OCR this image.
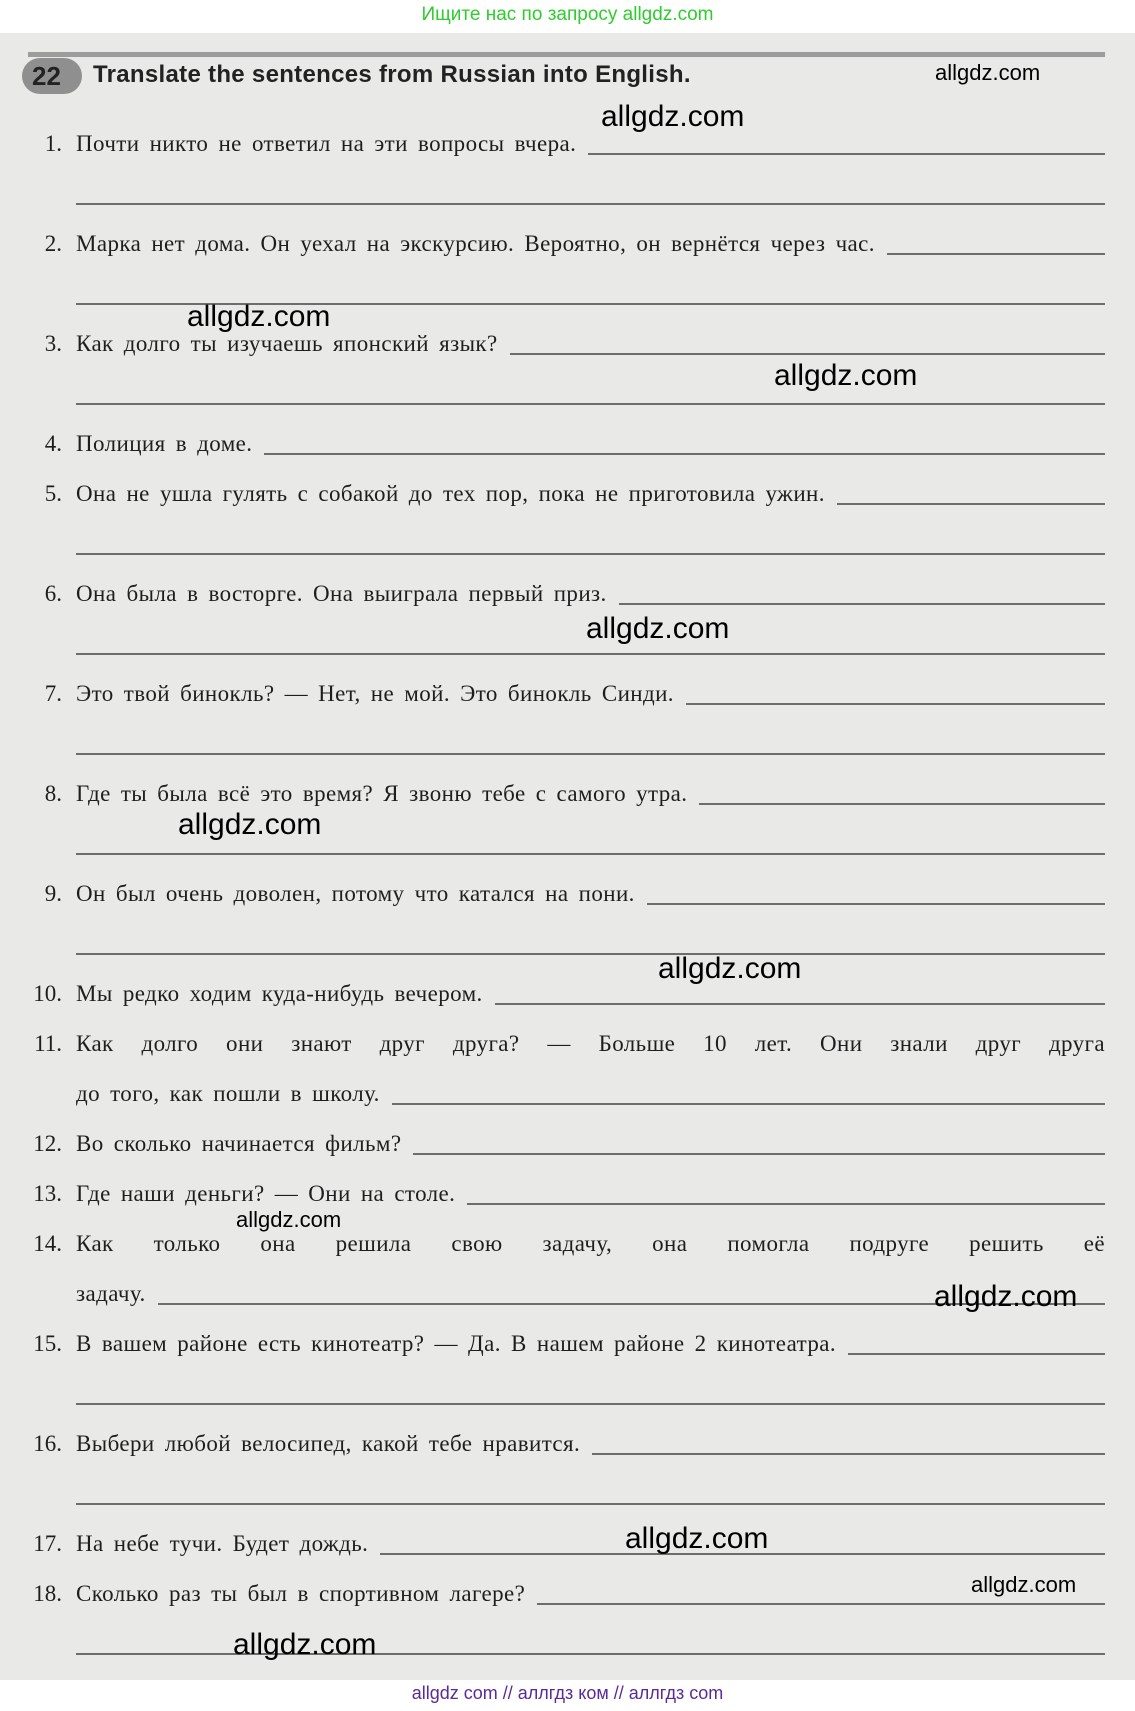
Ищите нас по запросу allgdz.com
22	Translate the sentences from Russian into English.
1. Почти никто не ответил на эти вопросы вчера.
2. Марка нет дома. Он уехал на экскурсию. Вероятно, он вернётся через час.
3. Как долго ты изучаешь японский язык?
4. Полиция в доме.
5. Она не ушла гулять с собакой до тех пор, пока не приготовила ужин.
6. Она была в восторге. Она выиграла первый приз.
7. Это твой бинокль? — Нет, не мой. Это бинокль Синди.
8. Где ты была всё это время? Я звоню тебе с самого утра.
9. Он был очень доволен, потому что катался на пони.
10. Мы редко ходим куда-нибудь вечером.
11. Как долго они знают друг друга? — Больше 10 лет. Они знали друг друга
до того, как пошли в школу.
12. Во сколько начинается фильм?
13. Где наши деньги? — Они на столе.
14. Как только она решила свою задачу, она помогла подруге решить её
задачу.
15. В вашем районе есть кинотеатр? — Да. В нашем районе 2 кинотеатра.
16. Выбери любой велосипед, какой тебе нравится.
17. На небе тучи. Будет дождь.
18. Сколько раз ты был в спортивном лагере?
allgdz.com
allgdz.com
allgdz.com
allgdz.com
allgdz.com
allgdz.com
allgdz.com
allgdz.com
allgdz.com
allgdz.com
allgdz.com
allgdz.com
allgdz com // аллгдз ком // аллгдз com
